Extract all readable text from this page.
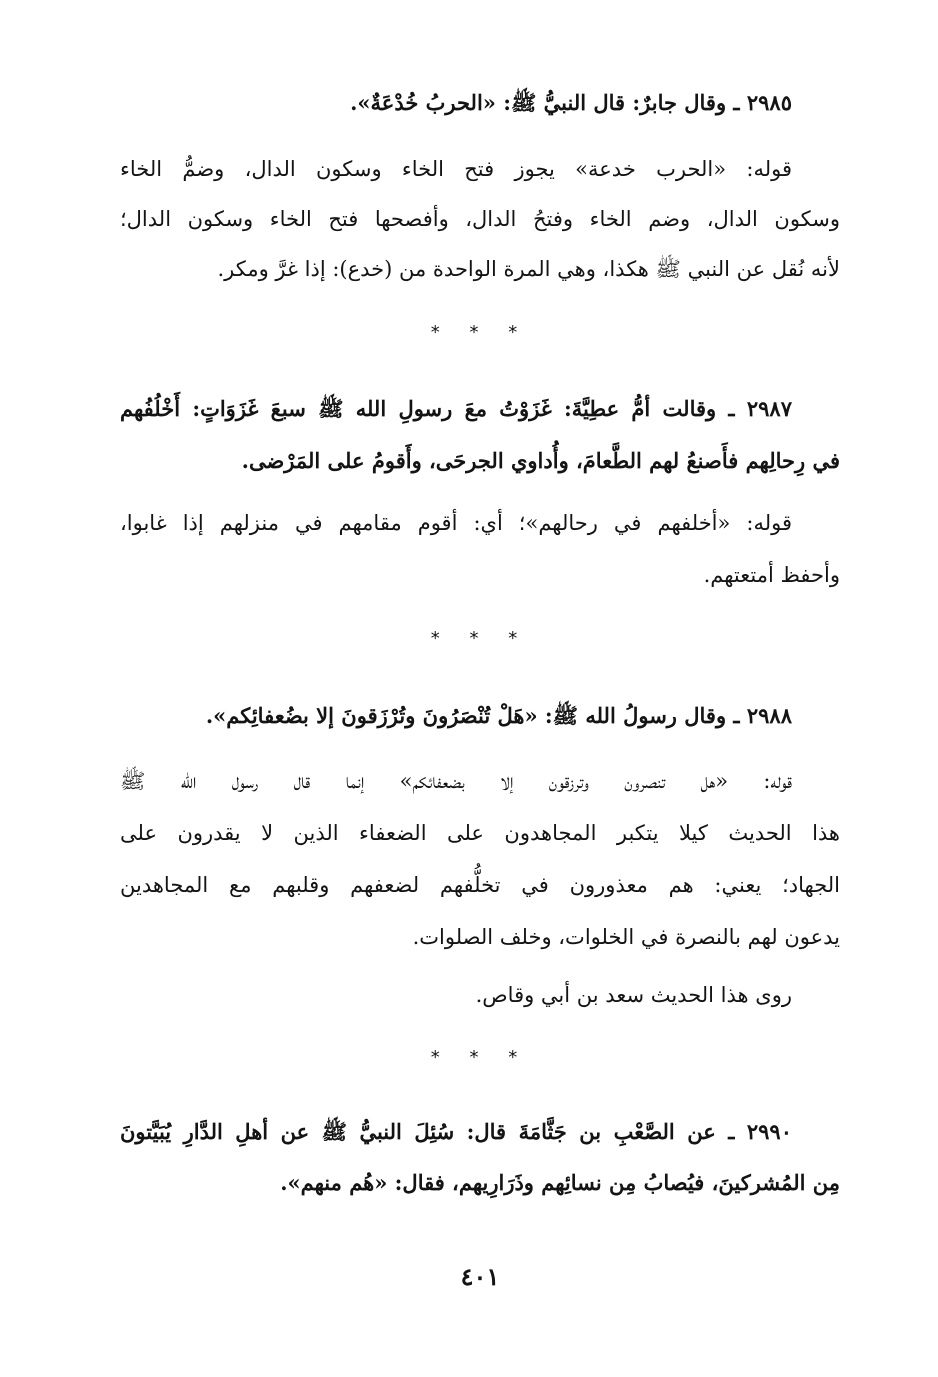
٢٩٨٥ ـ وقال جابرٌ: قال النبيُّ ﷺ: «الحربُ خُدْعَةٌ».
قوله: «الحرب خدعة» يجوز فتح الخاء وسكون الدال، وضمُّ الخاء
وسكون الدال، وضم الخاء وفتحُ الدال، وأفصحها فتح الخاء وسكون الدال؛
لأنه نُقل عن النبي ﷺ هكذا، وهي المرة الواحدة من (خدع): إذا غرَّ ومكر.
* * *
٢٩٨٧ ـ وقالت أمُّ عطِيَّةَ: غَزَوْتُ معَ رسولِ الله ﷺ سبعَ غَزَوَاتٍ: أَخْلُفُهم
في رِحالِهم فأَصنعُ لهم الطَّعامَ، وأُداوي الجرحَى، وأَقومُ على المَرْضى.
قوله: «أخلفهم في رحالهم»؛ أي: أقوم مقامهم في منزلهم إذا غابوا،
وأحفظ أمتعتهم.
* * *
٢٩٨٨ ـ وقال رسولُ الله ﷺ: «هَلْ تُنْصَرُونَ وتُرْزَقونَ إلا بضُعفائِكم».
قوله: «هل تنصرون وترزقون إلا بضعفائكم» إنما قال رسول الله ﷺ
هذا الحديث كيلا يتكبر المجاهدون على الضعفاء الذين لا يقدرون على
الجهاد؛ يعني: هم معذورون في تخلُّفهم لضعفهم وقلبهم مع المجاهدين
يدعون لهم بالنصرة في الخلوات، وخلف الصلوات.
روى هذا الحديث سعد بن أبي وقاص.
* * *
٢٩٩٠ ـ عن الصَّعْبِ بن جَثَّامَةَ قال: سُئِلَ النبيُّ ﷺ عن أهلِ الدَّارِ يُبَيَّتونَ
مِن المُشركينَ، فيُصابُ مِن نسائِهم وذَرَارِيهم، فقال: «هُم منهم».
٤٠١
